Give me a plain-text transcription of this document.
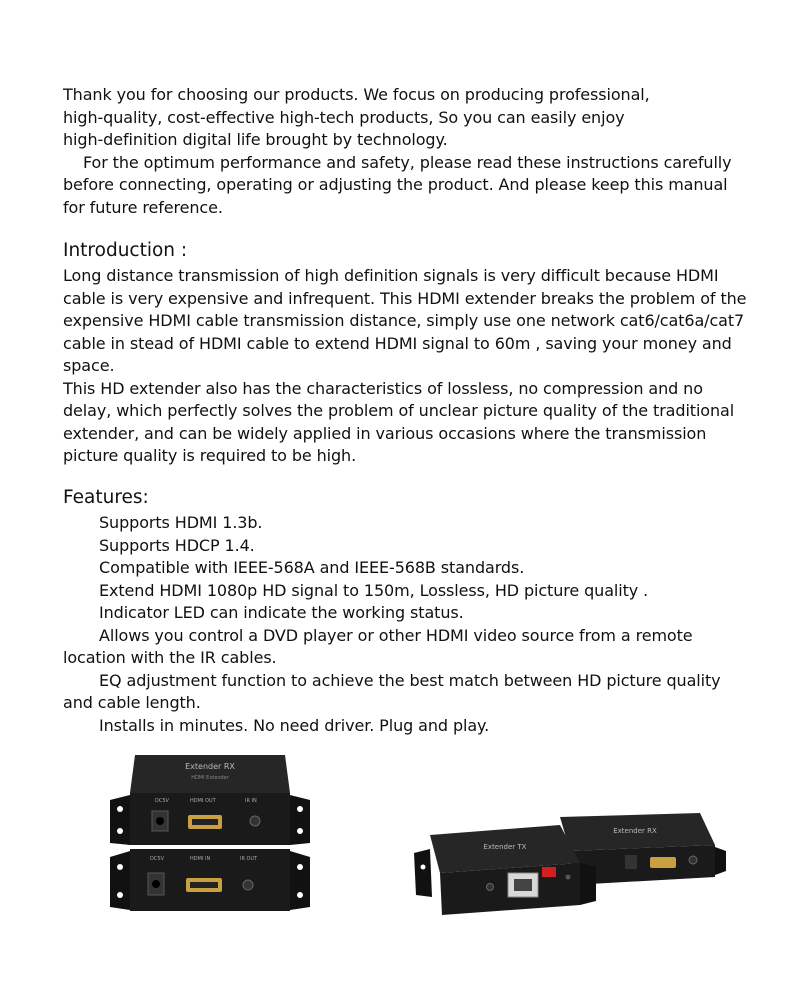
Thank you for choosing our products. We focus on producing professional,

high-quality, cost-effective high-tech products, So you can easily enjoy

high-definition digital life brought by technology.

For the optimum performance and safety, please read these instructions carefully before connecting, operating or adjusting the product. And please keep this manual for future reference.

Introduction :

Long distance transmission of high definition signals is very difficult because HDMI cable is very expensive and infrequent. This HDMI extender breaks the problem of the expensive HDMI cable transmission distance, simply use one network cat6/cat6a/cat7 cable in stead of HDMI cable to extend HDMI signal to 60m , saving your money and space.

This HD extender also has the characteristics of lossless, no compression and no delay, which perfectly solves the problem of unclear picture quality of the traditional extender, and can be widely applied in various occasions where the transmission picture quality is required to be high.

Features:

Supports HDMI 1.3b.

Supports HDCP 1.4.

Compatible with IEEE-568A and IEEE-568B standards.

Extend HDMI 1080p HD signal to 150m, Lossless, HD picture quality .

Indicator LED can indicate the working status.

Allows you control a DVD player or other HDMI video source from a remote location with the IR cables.

EQ adjustment function to achieve the best match between HD picture quality and cable length.

Installs in minutes. No need driver. Plug and play.

Extender RX
HDMI Extender
DC5V	HDMI OUT	IR IN
DC5V	HDMI IN	IR OUT
Extender RX
Extender TX
